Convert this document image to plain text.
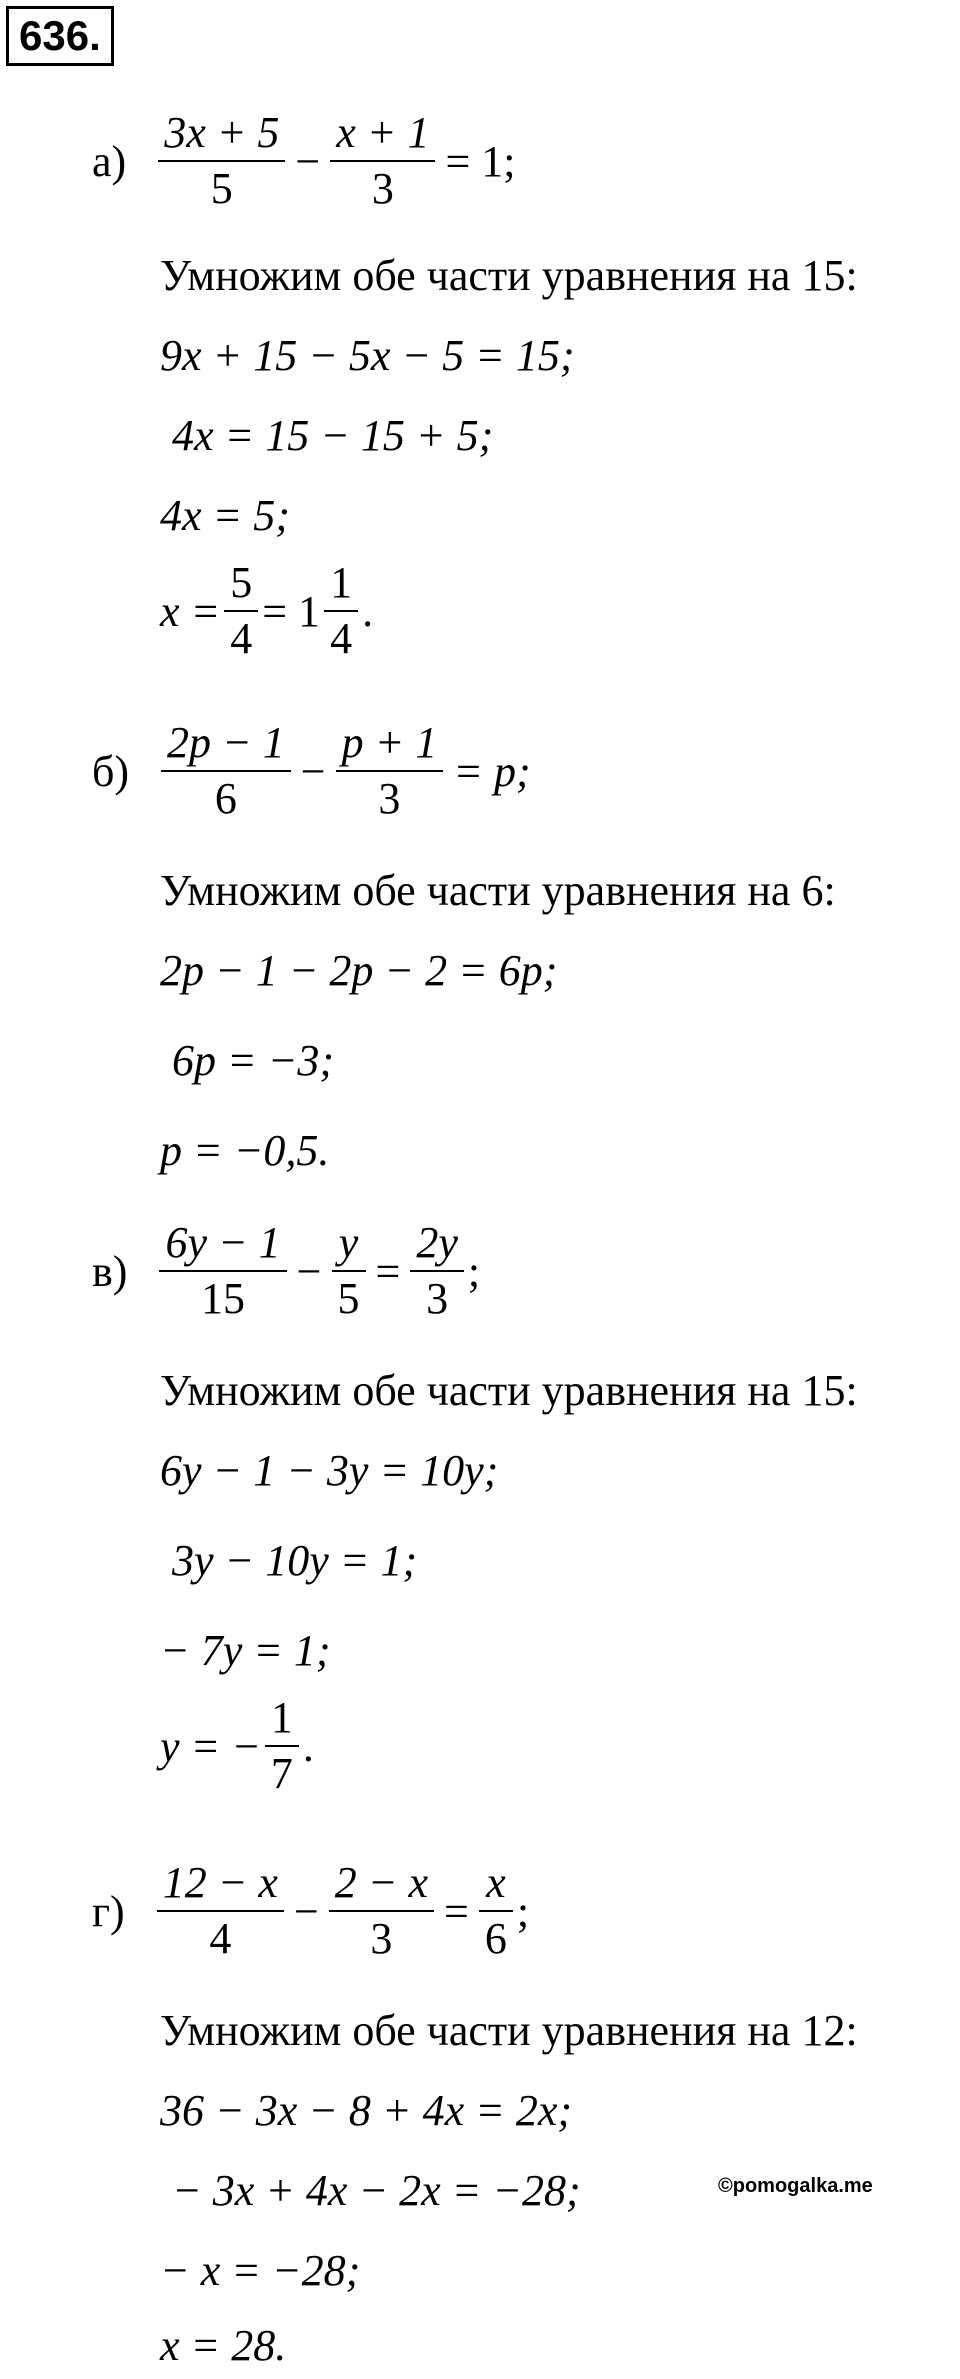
636.
$а) \frac{3x + 5}{5} - \frac{x + 1}{3} = 1$;
Умножим обе части уравнения на 15:
9x + 15 − 5x − 5 = 15;
4x = 15 − 15 + 5;
4x = 5;
$x = \frac{5}{4} = 1 \frac{1}{4}$ .
$б) \frac{2p - 1}{6} - \frac{p + 1}{3} = p$;
Умножим обе части уравнения на 6:
2p − 1 − 2p − 2 = 6p;
6p = −3;
p = −0,5.
$в) \frac{6y - 1}{15} - \frac{y}{5} = \frac{2y}{3}$ ;
Умножим обе части уравнения на 15:
6y − 1 − 3y = 10y;
3y − 10y = 1;
− 7y = 1;
y = − $\frac{1}{7}$ .
$г) \frac{12 - x}{4} - \frac{2 - x}{3} = \frac{x}{6}$ ;
Умножим обе части уравнения на 12:
36 − 3x − 8 + 4x = 2x;
− 3x + 4x − 2x = −28;
− x = −28;
x = 28.
©pomogalka.me
